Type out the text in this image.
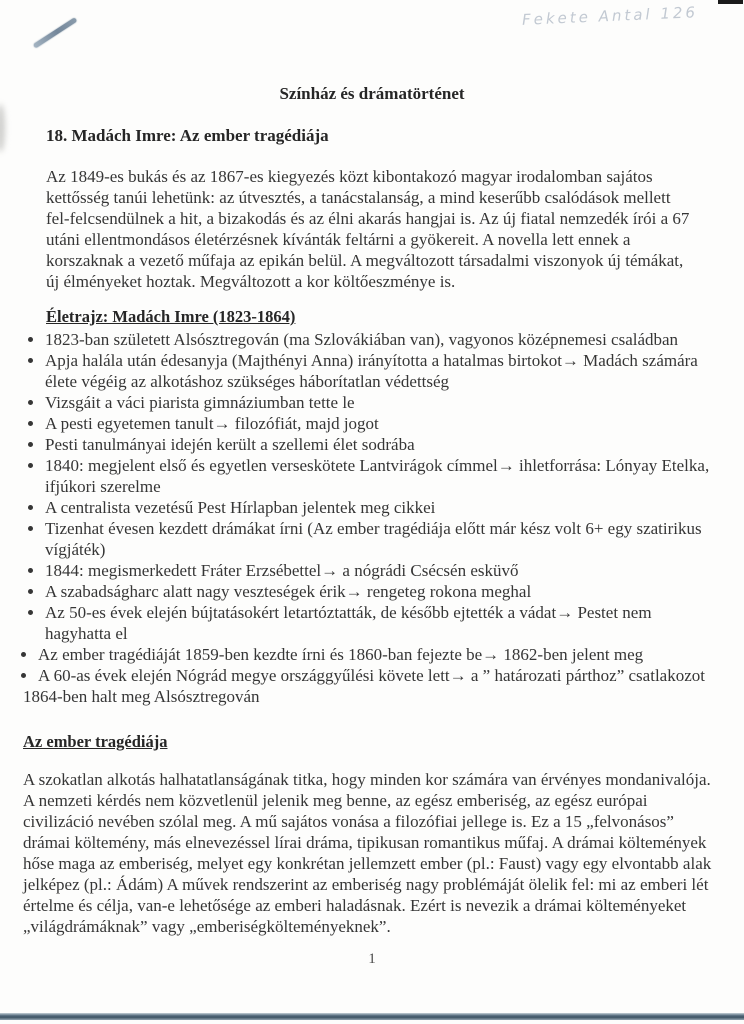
Fekete Antal 126
Színház és drámatörténet
18. Madách Imre: Az ember tragédiája

Az 1849-es bukás és az 1867-es kiegyezés közt kibontakozó magyar irodalomban sajátos kettősség tanúi lehetünk: az útvesztés, a tanácstalanság, a mind keserűbb csalódások mellett fel-felcsendülnek a hit, a bizakodás és az élni akarás hangjai is. Az új fiatal nemzedék írói a 67 utáni ellentmondásos életérzésnek kívánták feltárni a gyökereit. A novella lett ennek a korszaknak a vezető műfaja az epikán belül. A megváltozott társadalmi viszonyok új témákat, új élményeket hoztak. Megváltozott a kor költőeszménye is.

Életrajz: Madách Imre (1823-1864)
• 1823-ban született Alsósztregován (ma Szlovákiában van), vagyonos középnemesi családban
• Apja halála után édesanyja (Majthényi Anna) irányította a hatalmas birtokot→ Madách számára élete végéig az alkotáshoz szükséges háborítatlan védettség
• Vizsgáit a váci piarista gimnáziumban tette le
• A pesti egyetemen tanult→ filozófiát, majd jogot
• Pesti tanulmányai idején került a szellemi élet sodrába
• 1840: megjelent első és egyetlen verseskötete Lantvirágok címmel→ ihletforrása: Lónyay Etelka, ifjúkori szerelme
• A centralista vezetésű Pest Hírlapban jelentek meg cikkei
• Tizenhat évesen kezdett drámákat írni (Az ember tragédiája előtt már kész volt 6+ egy szatirikus vígjáték)
• 1844: megismerkedett Fráter Erzsébettel→ a nógrádi Csécsén esküvő
• A szabadságharc alatt nagy veszteségek érik→ rengeteg rokona meghal
• Az 50-es évek elején bújtatásokért letartóztatták, de később ejtették a vádat→ Pestet nem hagyhatta el
• Az ember tragédiáját 1859-ben kezdte írni és 1860-ban fejezte be→ 1862-ben jelent meg
• A 60-as évek elején Nógrád megye országgyűlési követe lett→ a ” határozati párthoz” csatlakozot
1864-ben halt meg Alsósztregován
Az ember tragédiája

A szokatlan alkotás halhatatlanságának titka, hogy minden kor számára van érvényes mondanivalója. A nemzeti kérdés nem közvetlenül jelenik meg benne, az egész emberiség, az egész európai civilizáció nevében szólal meg. A mű sajátos vonása a filozófiai jellege is. Ez a 15 „felvonásos” drámai költemény, más elnevezéssel lírai dráma, tipikusan romantikus műfaj. A drámai költemények hőse maga az emberiség, melyet egy konkrétan jellemzett ember (pl.: Faust) vagy egy elvontabb alak jelképez (pl.: Ádám) A művek rendszerint az emberiség nagy problémáját ölelik fel: mi az emberi lét értelme és célja, van-e lehetősége az emberi haladásnak. Ezért is nevezik a drámai költeményeket „világdrámáknak” vagy „emberiségkölteményeknek”.

1
